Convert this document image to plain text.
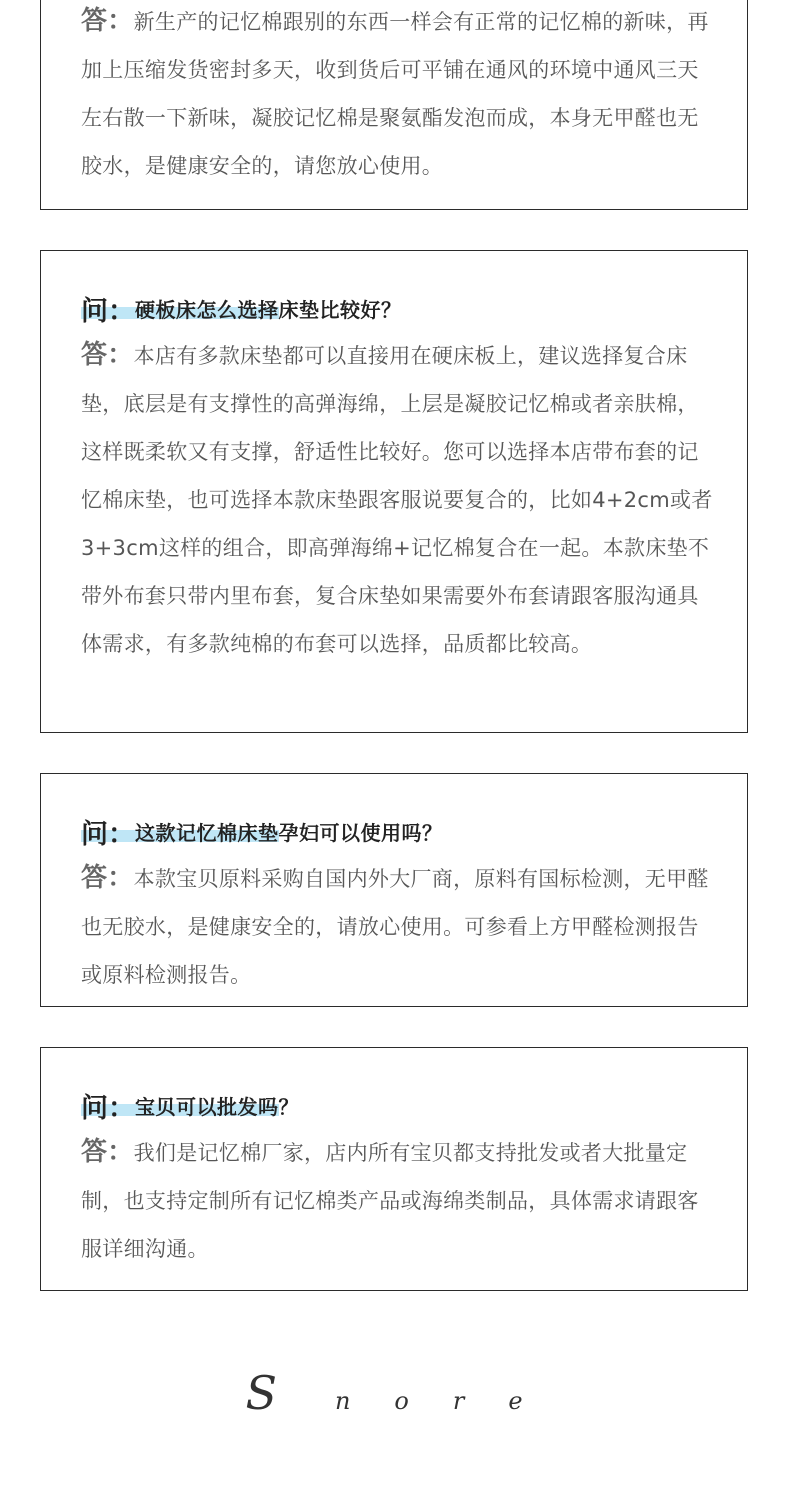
答：新生产的记忆棉跟别的东西一样会有正常的记忆棉的新味，再加上压缩发货密封多天，收到货后可平铺在通风的环境中通风三天左右散一下新味，凝胶记忆棉是聚氨酯发泡而成，本身无甲醛也无胶水，是健康安全的，请您放心使用。

问：硬板床怎么选择床垫比较好？

答：本店有多款床垫都可以直接用在硬床板上，建议选择复合床垫，底层是有支撑性的高弹海绵，上层是凝胶记忆棉或者亲肤棉，这样既柔软又有支撑，舒适性比较好。您可以选择本店带布套的记忆棉床垫，也可选择本款床垫跟客服说要复合的，比如4+2cm或者3+3cm这样的组合，即高弹海绵+记忆棉复合在一起。本款床垫不带外布套只带内里布套，复合床垫如果需要外布套请跟客服沟通具体需求，有多款纯棉的布套可以选择，品质都比较高。

问：这款记忆棉床垫孕妇可以使用吗？

答：本款宝贝原料采购自国内外大厂商，原料有国标检测，无甲醛也无胶水，是健康安全的，请放心使用。可参看上方甲醛检测报告或原料检测报告。

问：宝贝可以批发吗？

答：我们是记忆棉厂家，店内所有宝贝都支持批发或者大批量定制，也支持定制所有记忆棉类产品或海绵类制品，具体需求请跟客服详细沟通。

S n o r e
